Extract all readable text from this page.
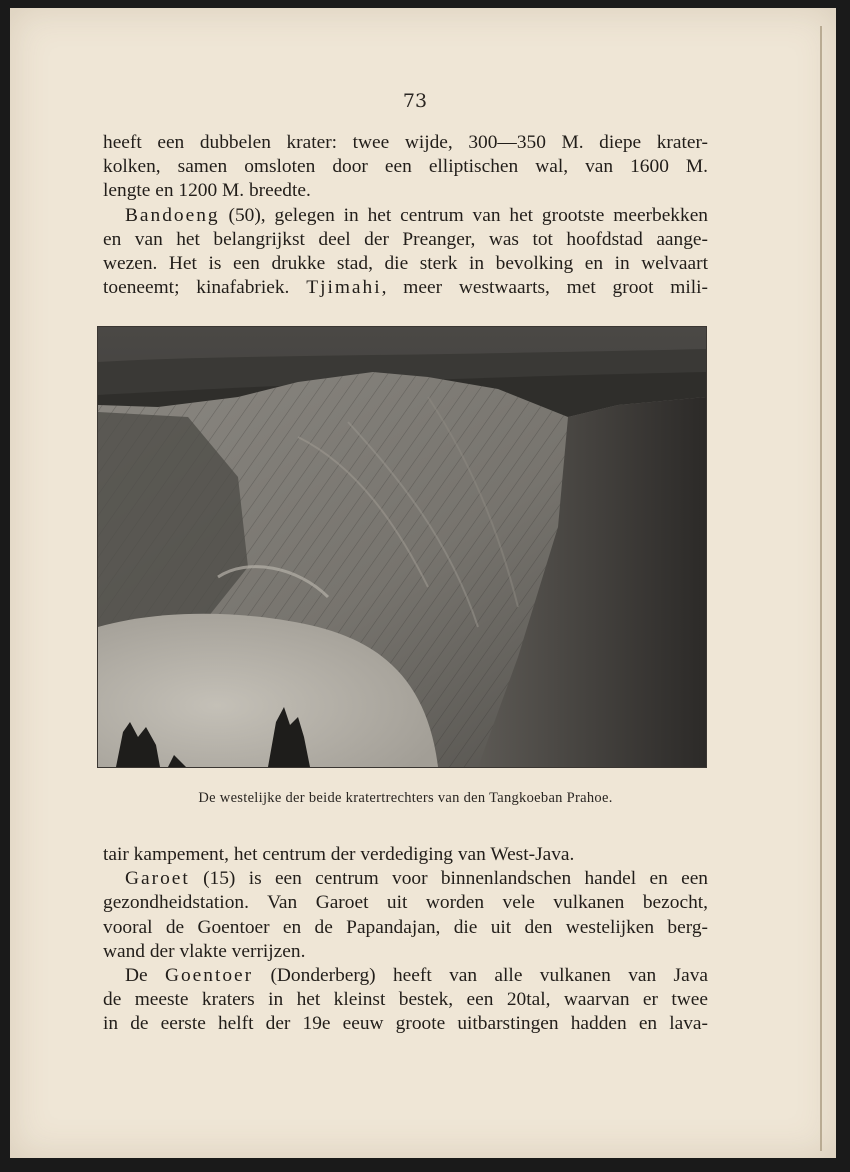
73

heeft een dubbelen krater: twee wijde, 300—350 M. diepe krater-

kolken, samen omsloten door een elliptischen wal, van 1600 M.

lengte en 1200 M. breedte.

Bandoeng (50), gelegen in het centrum van het grootste meerbekken

en van het belangrijkst deel der Preanger, was tot hoofdstad aange-

wezen. Het is een drukke stad, die sterk in bevolking en in welvaart

toeneemt; kinafabriek. Tjimahi, meer westwaarts, met groot mili-

De westelijke der beide kratertrechters van den Tangkoeban Prahoe.

tair kampement, het centrum der verdediging van West-Java.

Garoet (15) is een centrum voor binnenlandschen handel en een

gezondheidstation. Van Garoet uit worden vele vulkanen bezocht,

vooral de Goentoer en de Papandajan, die uit den westelijken berg-

wand der vlakte verrijzen.

De Goentoer (Donderberg) heeft van alle vulkanen van Java

de meeste kraters in het kleinst bestek, een 20tal, waarvan er twee

in de eerste helft der 19e eeuw groote uitbarstingen hadden en lava-
